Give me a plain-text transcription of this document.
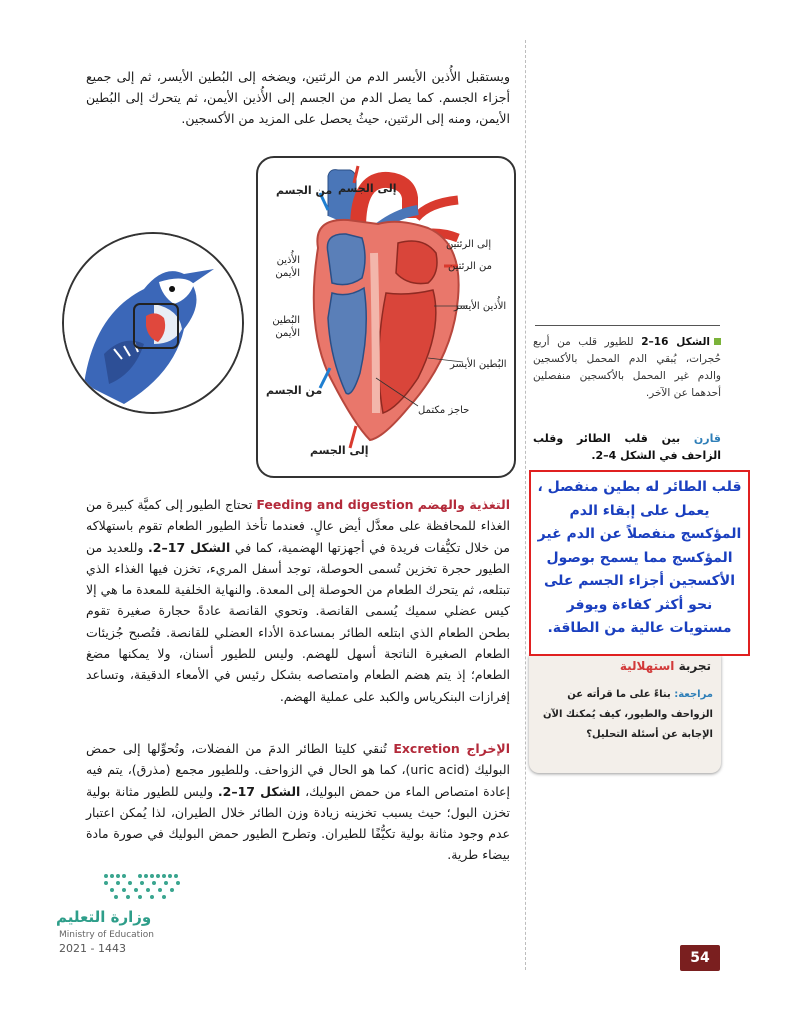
ويستقبل الأُذين الأيسر الدم من الرئتين، ويضخه إلى البُطين الأيسر، ثم إلى جميع أجزاء الجسم. كما يصل الدم من الجسم إلى الأُذين الأيمن، ثم يتحرك إلى البُطين الأيمن، ومنه إلى الرئتين، حيثُ يحصل على المزيد من الأكسجين.

من الجسم إلى الجسم
إلى الرئتين
من الرئتين
الأُذين الأيمن
الأُذين الأيسر
البُطين الأيمن
البُطين الأيسر
من الجسم
حاجز مكتمل
إلى الجسم
الشكل 16–2 للطيور قلب من أربع حُجرات، يُبقي الدم المحمل بالأكسجين والدم غير المحمل بالأكسجين منفصلين أحدهما عن الآخر.
قارن بين قلب الطائر وقلب الزاحف في الشكل 4–2.
تجربة استهلالية
مراجعة: بناءً على ما قرأته عن الزواحف والطيور، كيف يُمكنك الآن الإجابة عن أسئلة التحليل؟
قلب الطائر له بطين منفصل ، يعمل على إبقاء الدم المؤكسج منفصلاً عن الدم غير المؤكسج مما يسمح بوصول الأكسجين أجزاء الجسم على نحو أكثر كفاءة ويوفر مستويات عالية من الطاقة.

التغذية والهضم Feeding and digestion تحتاج الطيور إلى كميَّة كبيرة من الغذاء للمحافظة على معدَّل أيض عالٍ. فعندما تأخذ الطيور الطعام تقوم باستهلاكه من خلال تكيُّفات فريدة في أجهزتها الهضمية، كما في الشكل 17–2. وللعديد من الطيور حجرة تخزين تُسمى الحوصلة، توجد أسفل المريء، تخزن فيها الغذاء الذي تبتلعه، ثم يتحرك الطعام من الحوصلة إلى المعدة. والنهاية الخلفية للمعدة ما هي إلا كيس عضلي سميك يُسمى القانصة. وتحوي القانصة عادةً حجارة صغيرة تقوم بطحن الطعام الذي ابتلعه الطائر بمساعدة الأداء العضلي للقانصة. فتُصبح جُزيئات الطعام الصغيرة الناتجة أسهل للهضم. وليس للطيور أسنان، ولا يمكنها مضغ الطعام؛ إذ يتم هضم الطعام وامتصاصه بشكل رئيس في الأمعاء الدقيقة، وتساعد إفرازات البنكرياس والكبد على عملية الهضم.

الإخراج Excretion تُنقي كليتا الطائر الدمَ من الفضلات، وتُحوِّلها إلى حمض البوليك (uric acid)، كما هو الحال في الزواحف. وللطيور مجمع (مذرق)، يتم فيه إعادة امتصاص الماء من حمض البوليك، الشكل 17–2. وليس للطيور مثانة بولية تخزن البول؛ حيث يسبب تخزينه زيادة وزن الطائر خلال الطيران، لذا يُمكن اعتبار عدم وجود مثانة بولية تكيُّفًا للطيران. وتطرح الطيور حمض البوليك في صورة مادة بيضاء طرية.

وزارة التعليم
Ministry of Education
2021 - 1443
54
